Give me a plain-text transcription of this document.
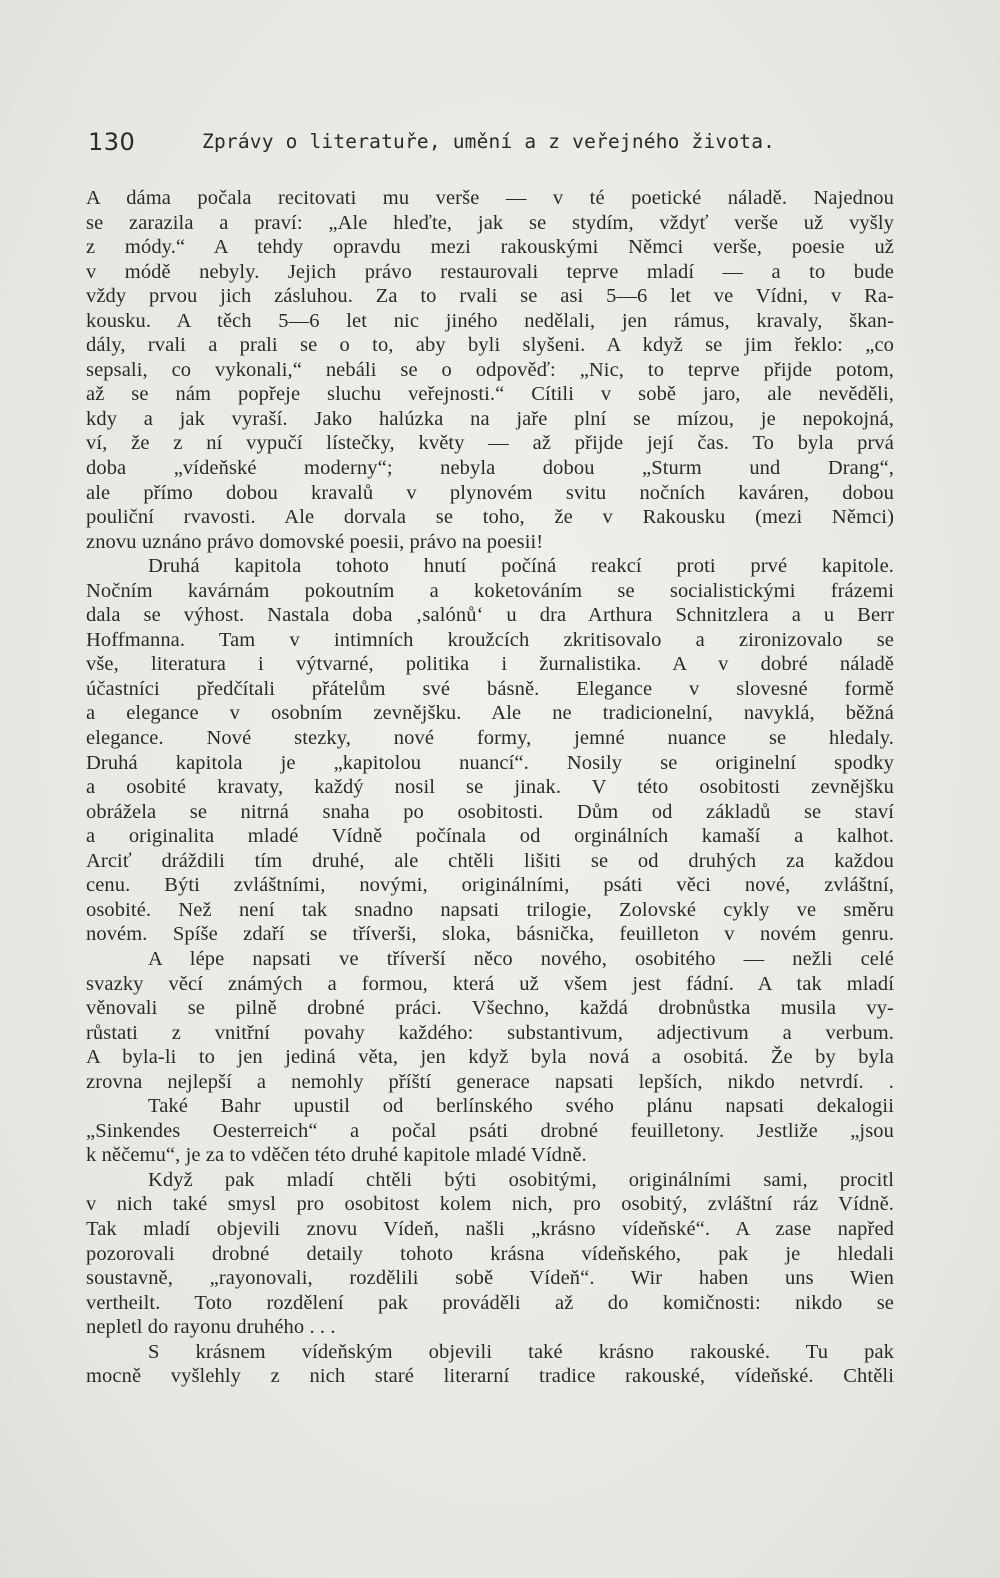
130	Zprávy o literatuře, umění a z veřejného života.
A dáma počala recitovati mu verše — v té poetické náladě. Najednou
se zarazila a praví: „Ale hleďte, jak se stydím, vždyť verše už vyšly
z módy.“ A tehdy opravdu mezi rakouskými Němci verše, poesie už
v módě nebyly. Jejich právo restaurovali teprve mladí — a to bude
vždy prvou jich zásluhou. Za to rvali se asi 5—6 let ve Vídni, v Ra-
kousku. A těch 5—6 let nic jiného nedělali, jen rámus, kravaly, škan-
dály, rvali a prali se o to, aby byli slyšeni. A když se jim řeklo: „co
sepsali, co vykonali,“ nebáli se o odpověď: „Nic, to teprve přijde potom,
až se nám popřeje sluchu veřejnosti.“ Cítili v sobě jaro, ale nevěděli,
kdy a jak vyraší. Jako halúzka na jaře plní se mízou, je nepokojná,
ví, že z ní vypučí lístečky, květy — až přijde její čas. To byla prvá
doba „vídeňské moderny“; nebyla dobou „Sturm und Drang“,
ale přímo dobou kravalů v plynovém svitu nočních kaváren, dobou
pouliční rvavosti. Ale dorvala se toho, že v Rakousku (mezi Němci)
znovu uznáno právo domovské poesii, právo na poesii!
Druhá kapitola tohoto hnutí počíná reakcí proti prvé kapitole.
Nočním kavárnám pokoutním a koketováním se socialistickými frázemi
dala se výhost. Nastala doba ‚salónů‘ u dra Arthura Schnitzlera a u Berr
Hoffmanna. Tam v intimních kroužcích zkritisovalo a zironizovalo se
vše, literatura i výtvarné, politika i žurnalistika. A v dobré náladě
účastníci předčítali přátelům své básně. Elegance v slovesné formě
a elegance v osobním zevnějšku. Ale ne tradicionelní, navyklá, běžná
elegance. Nové stezky, nové formy, jemné nuance se hledaly.
Druhá kapitola je „kapitolou nuancí“. Nosily se originelní spodky
a osobité kravaty, každý nosil se jinak. V této osobitosti zevnějšku
obrážela se nitrná snaha po osobitosti. Dům od základů se staví
a originalita mladé Vídně počínala od orginálních kamaší a kalhot.
Arciť dráždili tím druhé, ale chtěli lišiti se od druhých za každou
cenu. Býti zvláštními, novými, originálními, psáti věci nové, zvláštní,
osobité. Než není tak snadno napsati trilogie, Zolovské cykly ve směru
novém. Spíše zdaří se tříverši, sloka, básnička, feuilleton v novém genru.
A lépe napsati ve tříverší něco nového, osobitého — nežli celé
svazky věcí známých a formou, která už všem jest fádní. A tak mladí
věnovali se pilně drobné práci. Všechno, každá drobnůstka musila vy-
růstati z vnitřní povahy každého: substantivum, adjectivum a verbum.
A byla-li to jen jediná věta, jen když byla nová a osobitá. Že by byla
zrovna nejlepší a nemohly příští generace napsati lepších, nikdo netvrdí. .
Také Bahr upustil od berlínského svého plánu napsati dekalogii
„Sinkendes Oesterreich“ a počal psáti drobné feuilletony. Jestliže „jsou
k něčemu“, je za to vděčen této druhé kapitole mladé Vídně.
Když pak mladí chtěli býti osobitými, originálními sami, procitl
v nich také smysl pro osobitost kolem nich, pro osobitý, zvláštní ráz Vídně.
Tak mladí objevili znovu Vídeň, našli „krásno vídeňské“. A zase napřed
pozorovali drobné detaily tohoto krásna vídeňského, pak je hledali
soustavně, „rayonovali, rozdělili sobě Vídeň“. Wir haben uns Wien
vertheilt. Toto rozdělení pak prováděli až do komičnosti: nikdo se
nepletl do rayonu druhého . . .
S krásnem vídeňským objevili také krásno rakouské. Tu pak
mocně vyšlehly z nich staré literarní tradice rakouské, vídeňské. Chtěli
